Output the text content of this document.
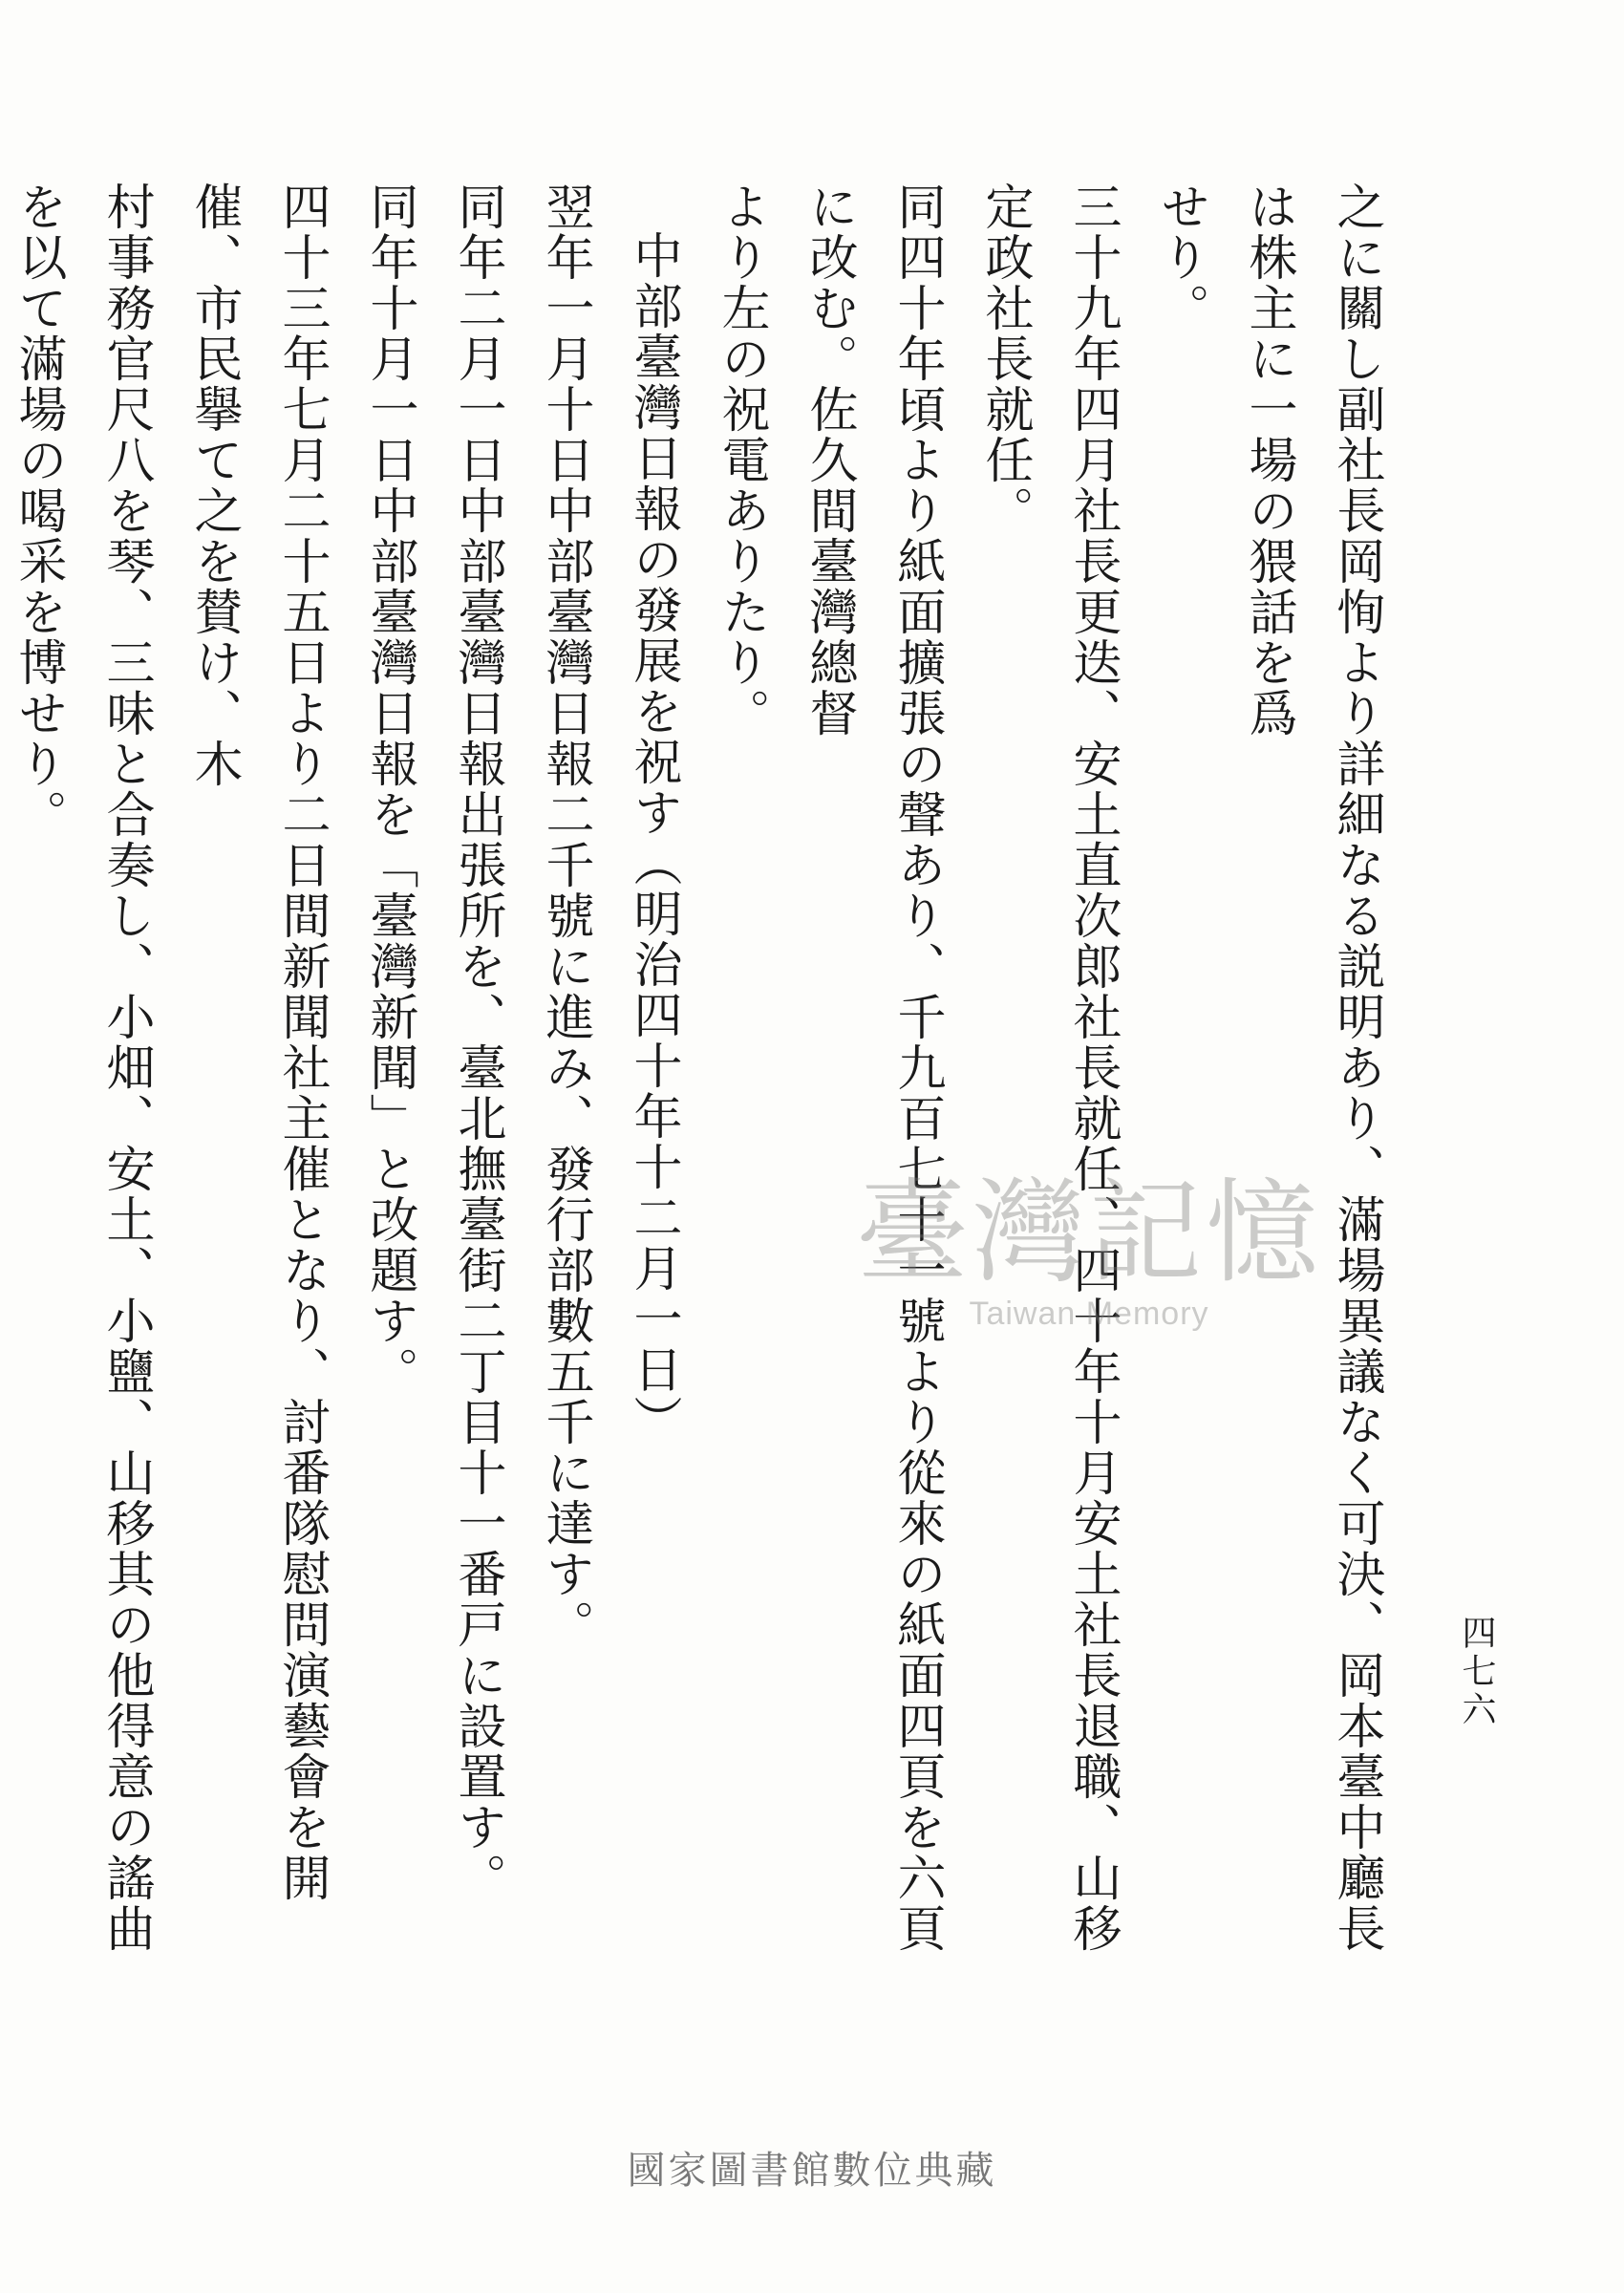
四七六
之に關し副社長岡恂より詳細なる説明あり、滿場異議なく可決、岡本臺中廳長は株主に一場の猥話を爲
せり。
三十九年四月社長更迭、安土直次郎社長就任、四十年十月安土社長退職、山移定政社長就任。
同四十年頃より紙面擴張の聲あり、千九百七十一號より從來の紙面四頁を六頁に改む。佐久間臺灣總督
より左の祝電ありたり。
中部臺灣日報の發展を祝す（明治四十年十二月一日）
翌年一月十日中部臺灣日報二千號に進み、發行部數五千に達す。
同年二月一日中部臺灣日報出張所を、臺北撫臺街二丁目十一番戸に設置す。
同年十月一日中部臺灣日報を「臺灣新聞」と改題す。
四十三年七月二十五日より二日間新聞社主催となり、討番隊慰問演藝會を開催、市民擧て之を賛け、木
村事務官尺八を琴、三味と合奏し、小畑、安土、小鹽、山移其の他得意の謠曲を以て滿場の喝采を博せり。
臺灣記憶
Taiwan Memory
國家圖書館數位典藏
